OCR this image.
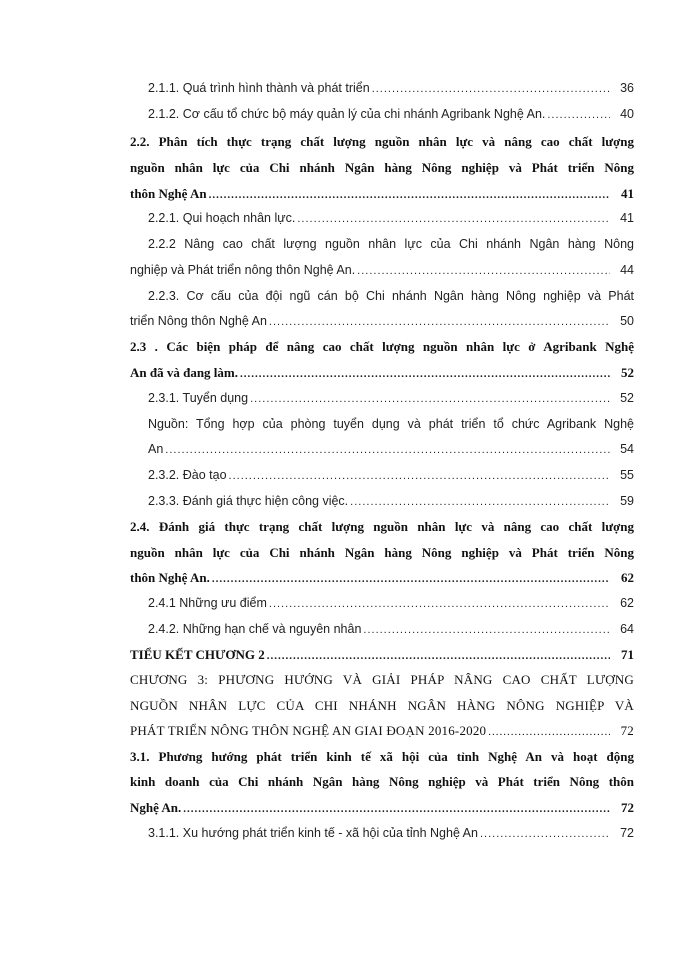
2.1.1. Quá trình hình thành và phát triển .....	36
2.1.2. Cơ cấu tổ chức bộ máy quản lý của chi nhánh Agribank Nghệ An. .....	40
2.2. Phân tích thực trạng chất lượng nguồn nhân lực và nâng cao chất lượng
nguồn nhân lực của Chi nhánh Ngân hàng Nông nghiệp và Phát triển Nông
thôn Nghệ An .....	41
2.2.1. Qui hoạch nhân lực. .....	41
2.2.2 Nâng cao chất lượng nguồn nhân lực của Chi nhánh Ngân hàng Nông
nghiệp và Phát triển nông thôn Nghệ An. .....	44
2.2.3. Cơ cấu của đội ngũ cán bộ Chi nhánh Ngân hàng Nông nghiệp và Phát
triển Nông thôn Nghệ An .....	50
2.3 . Các biện pháp để nâng cao chất lượng nguồn nhân lực ở Agribank Nghệ
An đã và đang làm. .....	52
2.3.1. Tuyển dụng .....	52
Nguồn: Tổng hợp của phòng tuyển dụng và phát triển tổ chức Agribank Nghệ
An .....	54
2.3.2. Đào tạo .....	55
2.3.3. Đánh giá thực hiện công việc. .....	59
2.4. Đánh giá thực trạng chất lượng nguồn nhân lực và nâng cao chất lượng
nguồn nhân lực của Chi nhánh Ngân hàng Nông nghiệp và Phát triển Nông
thôn Nghệ An. .....	62
2.4.1 Những ưu điểm .....	62
2.4.2. Những hạn chế và nguyên nhân .....	64
TIỂU KẾT CHƯƠNG 2 .....	71
CHƯƠNG 3: PHƯƠNG HƯỚNG VÀ GIẢI PHÁP NÂNG CAO CHẤT LƯỢNG
NGUỒN NHÂN LỰC CỦA CHI NHÁNH NGÂN HÀNG NÔNG NGHIỆP VÀ
PHÁT TRIỂN NÔNG THÔN NGHỆ AN GIAI ĐOẠN 2016-2020 .....	72
3.1. Phương hướng phát triển kinh tế xã hội của tỉnh Nghệ An và hoạt động
kinh doanh của Chi nhánh Ngân hàng Nông nghiệp và Phát triển Nông thôn
Nghệ An. .....	72
3.1.1. Xu hướng phát triển kinh tế - xã hội của tỉnh Nghệ An .....	72
